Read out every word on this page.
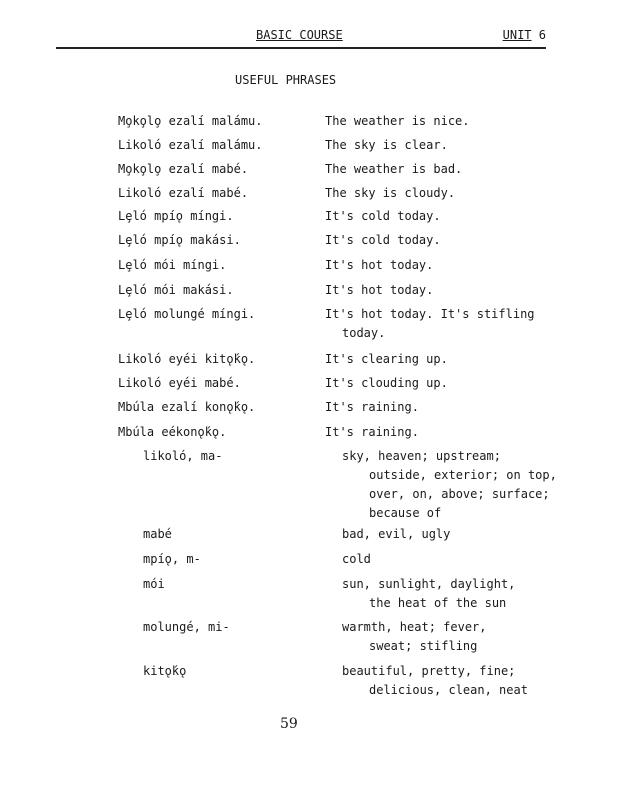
BASIC COURSE	UNIT 6
USEFUL PHRASES
Mo̧ko̧lo̧ ezalí malámu.	The weather is nice.
Likoló ezalí malámu.	The sky is clear.
Mo̧ko̧lo̧ ezalí mabé.	The weather is bad.
Likoló ezalí mabé.	The sky is cloudy.
Lȩló mpíǫ míngi.	It's cold today.
Lȩló mpíǫ makási.	It's cold today.
Lȩló mói míngi.	It's hot today.
Lȩló mói makási.	It's hot today.
Lȩló molungé míngi.	It's hot today. It's stifling
today.
Likoló eyéi kitǫ́kǫ.	It's clearing up.
Likoló eyéi mabé.	It's clouding up.
Mbúla ezalí konǫ́kǫ.	It's raining.
Mbúla eékonǫ́kǫ.	It's raining.
likoló, ma-	sky, heaven; upstream;
outside, exterior; on top,
over, on, above; surface;
because of
mabé	bad, evil, ugly
mpíǫ, m-	cold
mói	sun, sunlight, daylight,
the heat of the sun
molungé, mi-	warmth, heat; fever,
sweat; stifling
kitǫ́kǫ	beautiful, pretty, fine;
delicious, clean, neat
59
